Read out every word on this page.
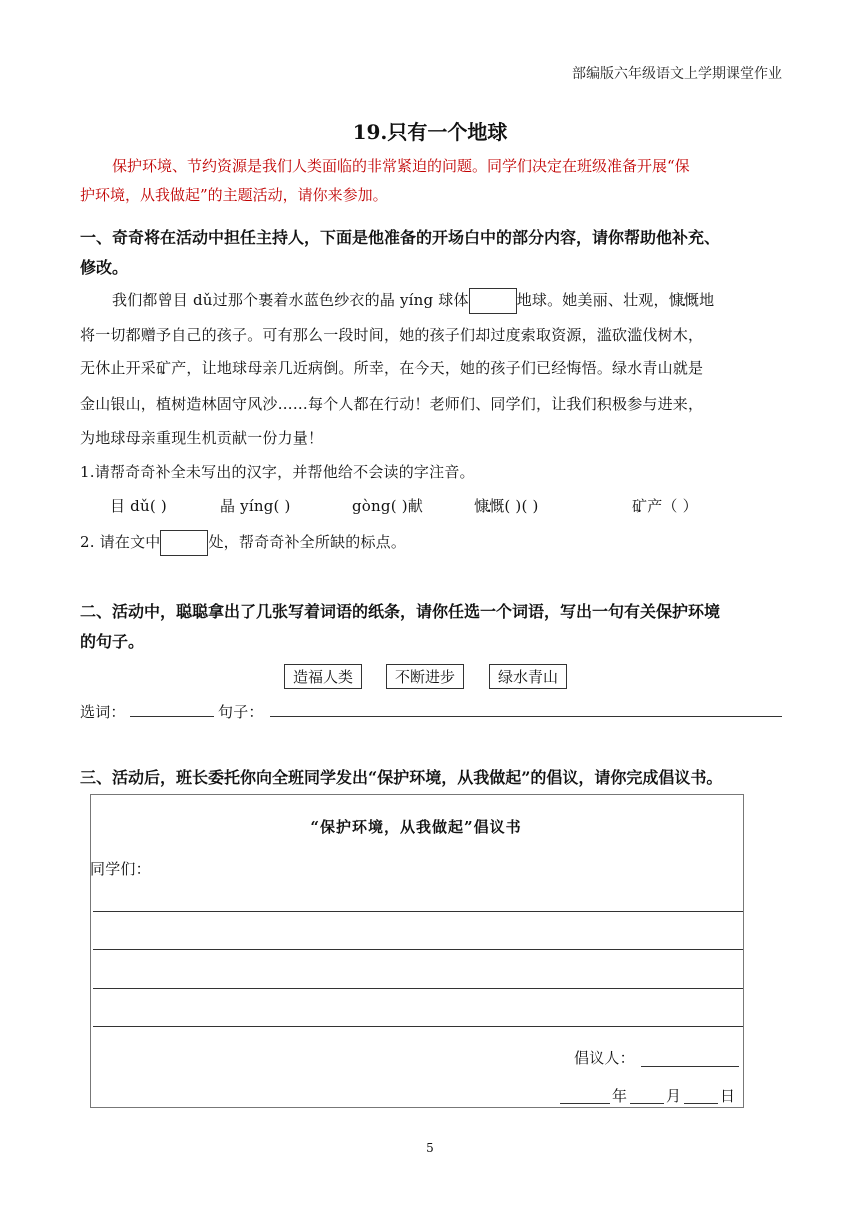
部编版六年级语文上学期课堂作业
19.只有一个地球
保护环境、节约资源是我们人类面临的非常紧迫的问题。同学们决定在班级准备开展“保
护环境，从我做起”的主题活动，请你来参加。
一、奇奇将在活动中担任主持人，下面是他准备的开场白中的部分内容，请你帮助他补充、
修改。
我们都曾目 dǔ过那个裹着水蓝色纱衣的晶 yíng 球体	地球。她美丽、壮观，慷慨地
将一切都赠予自己的孩子。可有那么一段时间，她的孩子们却过度索取资源，滥砍滥伐树木，
无休止开采矿产，让地球母亲几近病倒。所幸，在今天，她的孩子们已经悔悟。绿水青山就是
金山银山，植树造林固守风沙……每个人都在行动！老师们、同学们，让我们积极参与进来，
为地球母亲重现生机贡献一份力量！
1.请帮奇奇补全未写出的汉字，并帮他给不会读的字注音。
目 dǔ( )	晶 yíng( )	gòng( )献	慷慨( )( )	矿产（ ）
2. 请在文中	处，帮奇奇补全所缺的标点。
二、活动中，聪聪拿出了几张写着词语的纸条，请你任选一个词语，写出一句有关保护环境
的句子。
造福人类	不断进步	绿水青山
选词：	句子：
三、活动后，班长委托你向全班同学发出“保护环境，从我做起”的倡议，请你完成倡议书。
“保护环境，从我做起”倡议书
同学们：
倡议人：
年	月	日
5
